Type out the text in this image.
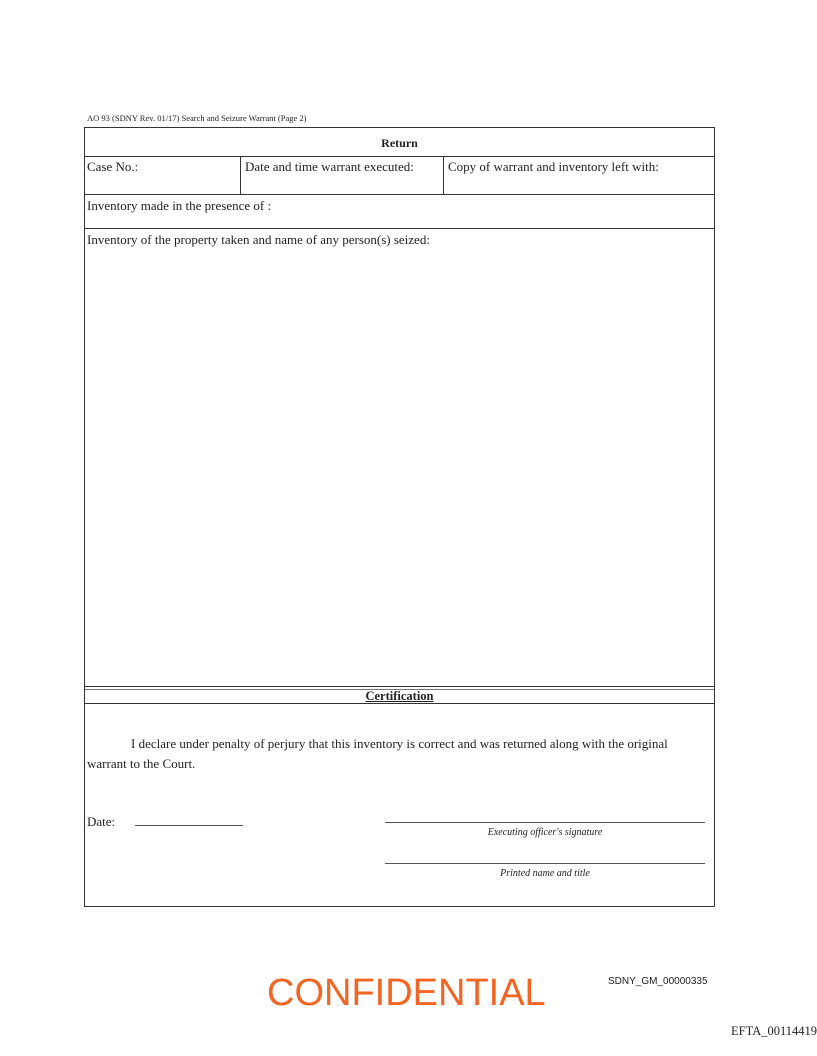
AO 93 (SDNY Rev. 01/17) Search and Seizure Warrant (Page 2)
Return
Case No.:	Date and time warrant executed:	Copy of warrant and inventory left with:
Inventory made in the presence of :
Inventory of the property taken and name of any person(s) seized:
Certification
I declare under penalty of perjury that this inventory is correct and was returned along with the original warrant to the Court.
Date:
Executing officer's signature
Printed name and title
CONFIDENTIAL	SDNY_GM_00000335
EFTA_00114419
